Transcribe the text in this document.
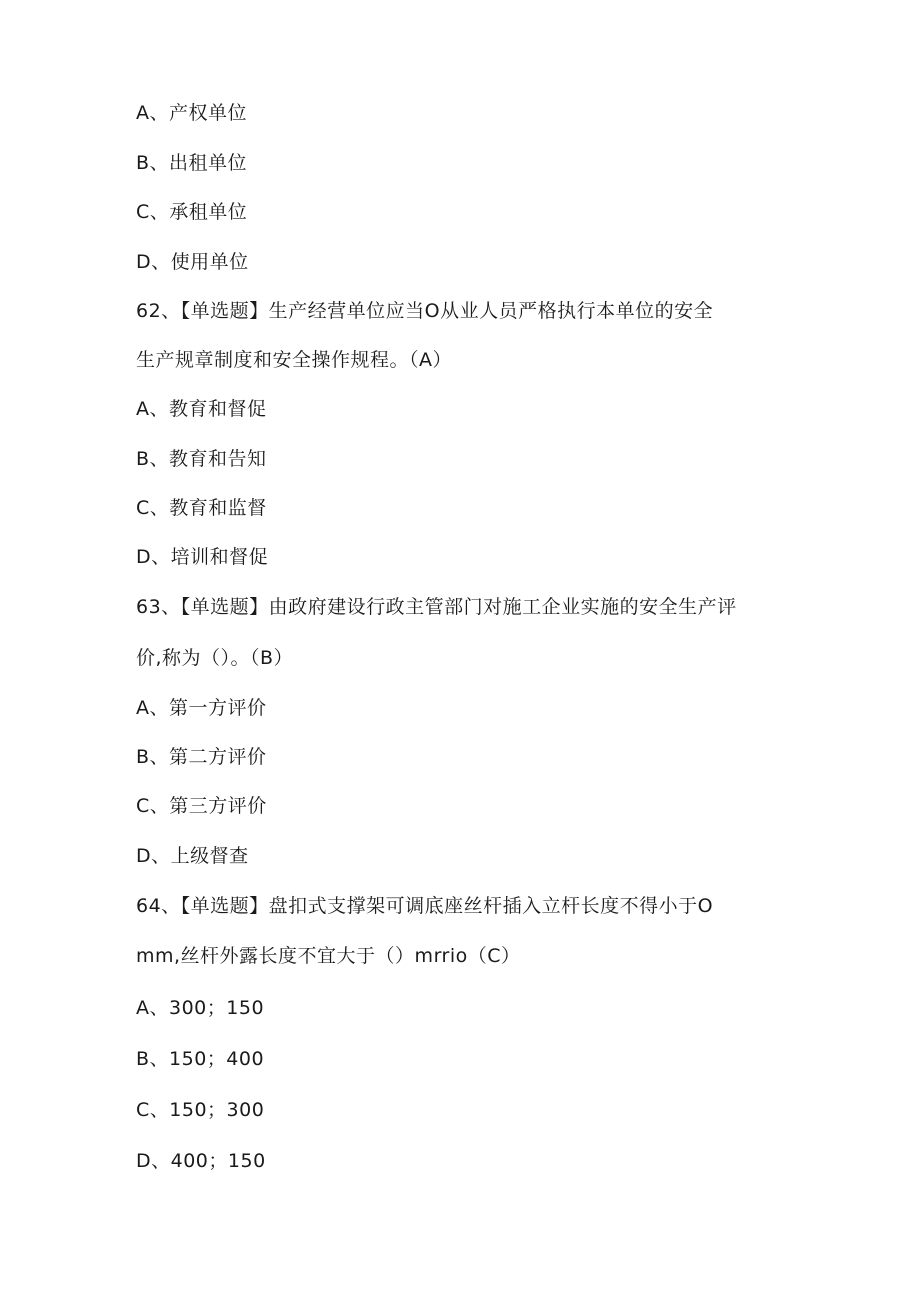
A、产权单位
B、出租单位
C、承租单位
D、使用单位
62、【单选题】生产经营单位应当O从业人员严格执行本单位的安全
生产规章制度和安全操作规程。（A）
A、教育和督促
B、教育和告知
C、教育和监督
D、培训和督促
63、【单选题】由政府建设行政主管部门对施工企业实施的安全生产评
价,称为（）。（B）
A、第一方评价
B、第二方评价
C、第三方评价
D、上级督查
64、【单选题】盘扣式支撑架可调底座丝杆插入立杆长度不得小于O
mm,丝杆外露长度不宜大于（）mrrio（C）
A、300；150
B、150；400
C、150；300
D、400；150
